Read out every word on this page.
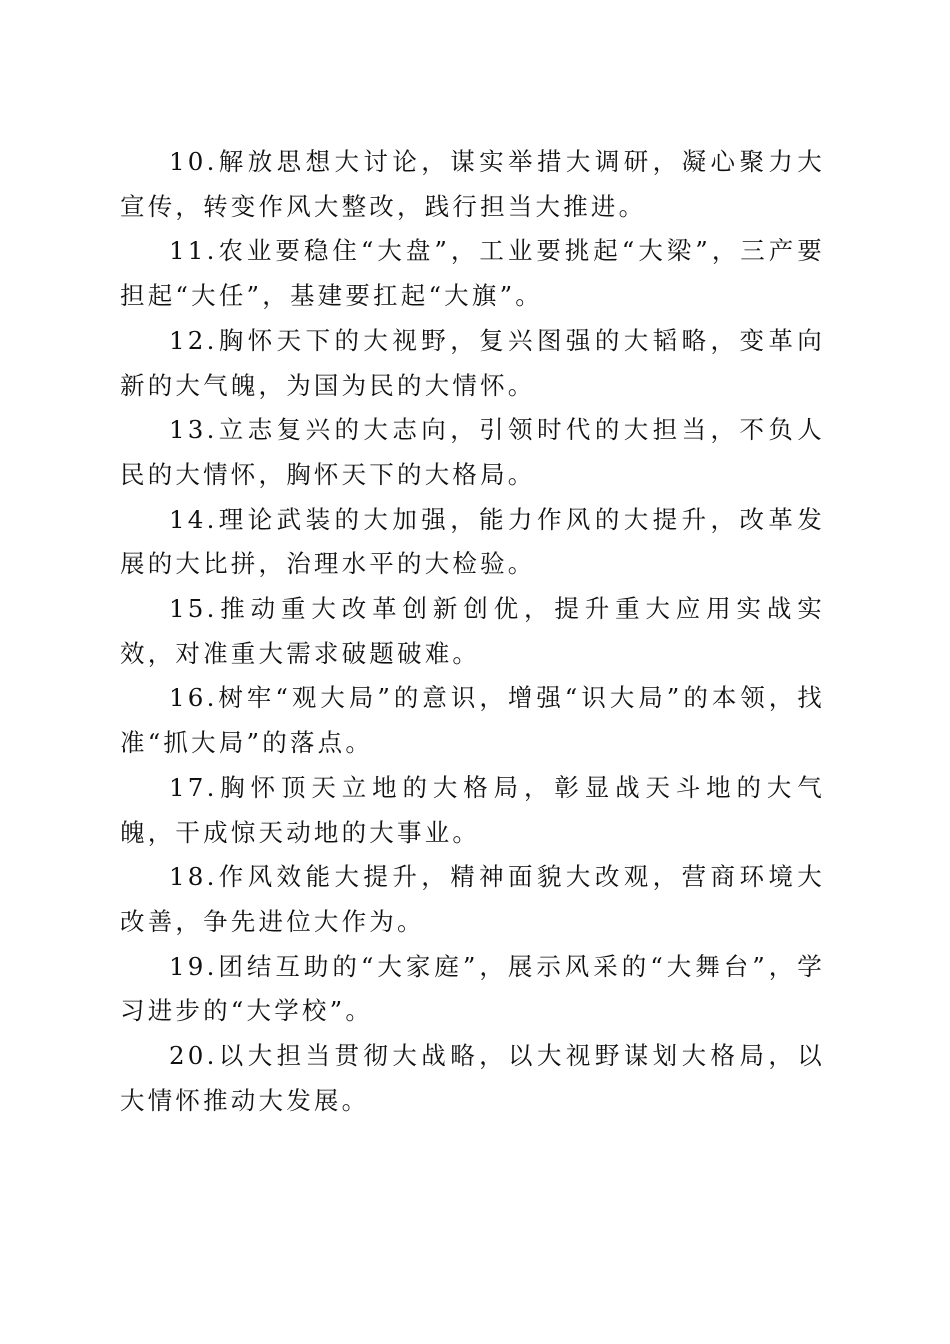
10.解放思想大讨论，谋实举措大调研，凝心聚力大宣传，转变作风大整改，践行担当大推进。

11.农业要稳住“大盘”，工业要挑起“大梁”，三产要担起“大任”，基建要扛起“大旗”。

12.胸怀天下的大视野，复兴图强的大韬略，变革向新的大气魄，为国为民的大情怀。

13.立志复兴的大志向，引领时代的大担当，不负人民的大情怀，胸怀天下的大格局。

14.理论武装的大加强，能力作风的大提升，改革发展的大比拼，治理水平的大检验。

15.推动重大改革创新创优，提升重大应用实战实效，对准重大需求破题破难。

16.树牢“观大局”的意识，增强“识大局”的本领，找准“抓大局”的落点。

17.胸怀顶天立地的大格局，彰显战天斗地的大气魄，干成惊天动地的大事业。

18.作风效能大提升，精神面貌大改观，营商环境大改善，争先进位大作为。

19.团结互助的“大家庭”，展示风采的“大舞台”，学习进步的“大学校”。

20.以大担当贯彻大战略，以大视野谋划大格局，以大情怀推动大发展。
